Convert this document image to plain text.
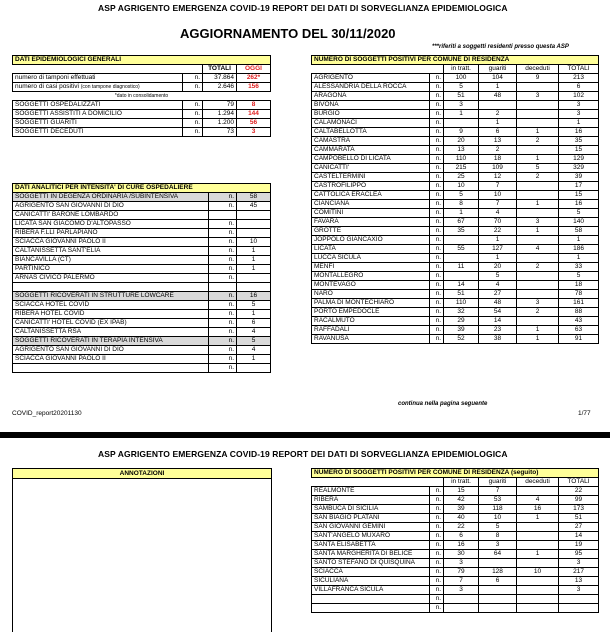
ASP AGRIGENTO EMERGENZA COVID-19 REPORT DEI DATI DI SORVEGLIANZA EPIDEMIOLOGICA
AGGIORNAMENTO DEL 30/11/2020
***riferiti a soggetti residenti presso questa ASP
DATI EPIDEMIOLOGICI GENERALI			
		TOTALI	OGGI
numero di tamponi effettuati	n.	37.864	262*
numero di casi positivi (con tampone diagnostico)	n.	2.646	156
*dato in consolidamento			
SOGGETTI OSPEDALIZZATI	n.	79	8
SOGGETTI ASSISTITI A DOMICILIO	n.	1.294	144
SOGGETTI GUARITI	n.	1.200	56
SOGGETTI DECEDUTI	n.	73	3
DATI ANALITICI PER INTENSITA' DI CURE OSPEDALIERE		
SOGGETTI IN DEGENZA ORDINARIA /SUBINTENSIVA	n.	58
AGRIGENTO SAN GIOVANNI DI DIO	n.	45
CANICATTI' BARONE LOMBARDO		
LICATA SAN GIACOMO D'ALTOPASSO	n.	
RIBERA F.LLI PARLAPIANO	n.	
SCIACCA GIOVANNI PAOLO II	n.	10
CALTANISSETTA SANT'ELIA	n.	1
BIANCAVILLA (CT)	n.	1
PARTINICO	n.	1
ARNAS CIVICO PALERMO	n.	

SOGGETTI RICOVERATI IN STRUTTURE LOWCARE	n.	16
SCIACCA HOTEL COVID	n.	5
RIBERA HOTEL COVID	n.	1
CANICATTI' HOTEL COVID (EX IPAB)	n.	6
CALTANISSETTA RSA	n.	4
SOGGETTI RICOVERATI IN TERAPIA INTENSIVA	n.	5
AGRIGENTO SAN GIOVANNI DI DIO	n.	4
SCIACCA GIOVANNI PAOLO II	n.	1
	n.	
NUMERO DI SOGGETTI POSITIVI PER COMUNE DI RESIDENZA					
		in tratt.	guariti	deceduti	TOTALI
AGRIGENTO	n.	100	104	9	213
ALESSANDRIA DELLA ROCCA	n.	5	1		6
ARAGONA	n.	51	48	3	102
BIVONA	n.	3			3
BURGIO	n.	1	2		3
CALAMONACI	n.		1		1
CALTABELLOTTA	n.	9	6	1	16
CAMASTRA	n.	20	13	2	35
CAMMARATA	n.	13	2		15
CAMPOBELLO DI LICATA	n.	110	18	1	129
CANICATTI'	n.	215	109	5	329
CASTELTERMINI	n.	25	12	2	39
CASTROFILIPPO	n.	10	7		17
CATTOLICA ERACLEA	n.	5	10		15
CIANCIANA	n.	8	7	1	16
COMITINI	n.	1	4		5
FAVARA	n.	67	70	3	140
GROTTE	n.	35	22	1	58
JOPPOLO GIANCAXIO	n.		1		1
LICATA	n.	55	127	4	186
LUCCA SICULA	n.		1		1
MENFI	n.	11	20	2	33
MONTALLEGRO	n.		5		5
MONTEVAGO	n.	14	4		18
NARO	n.	51	27		78
PALMA DI MONTECHIARO	n.	110	48	3	161
PORTO EMPEDOCLE	n.	32	54	2	88
RACALMUTO	n.	29	14		43
RAFFADALI	n.	39	23	1	63
RAVANUSA	n.	52	38	1	91
continua nella pagina seguente
COVID_report20201130	1/77
ASP AGRIGENTO EMERGENZA COVID-19 REPORT DEI DATI DI SORVEGLIANZA EPIDEMIOLOGICA
ANNOTAZIONI	NUMERO DI SOGGETTI POSITIVI PER COMUNE DI RESIDENZA (seguito)					
		in tratt.	guariti	deceduti	TOTALI
REALMONTE	n.	15	7		22
RIBERA	n.	42	53	4	99
SAMBUCA DI SICILIA	n.	39	118	16	173
SAN BIAGIO PLATANI	n.	40	10	1	51
SAN GIOVANNI GEMINI	n.	22	5		27
SANT'ANGELO MUXARO	n.	6	8		14
SANTA ELISABETTA	n.	16	3		19
SANTA MARGHERITA DI BELICE	n.	30	64	1	95
SANTO STEFANO DI QUISQUINA	n.	3			3
SCIACCA	n.	79	128	10	217
SICULIANA	n.	7	6		13
VILLAFRANCA SICULA	n.	3			3
	n.				
	n.				
